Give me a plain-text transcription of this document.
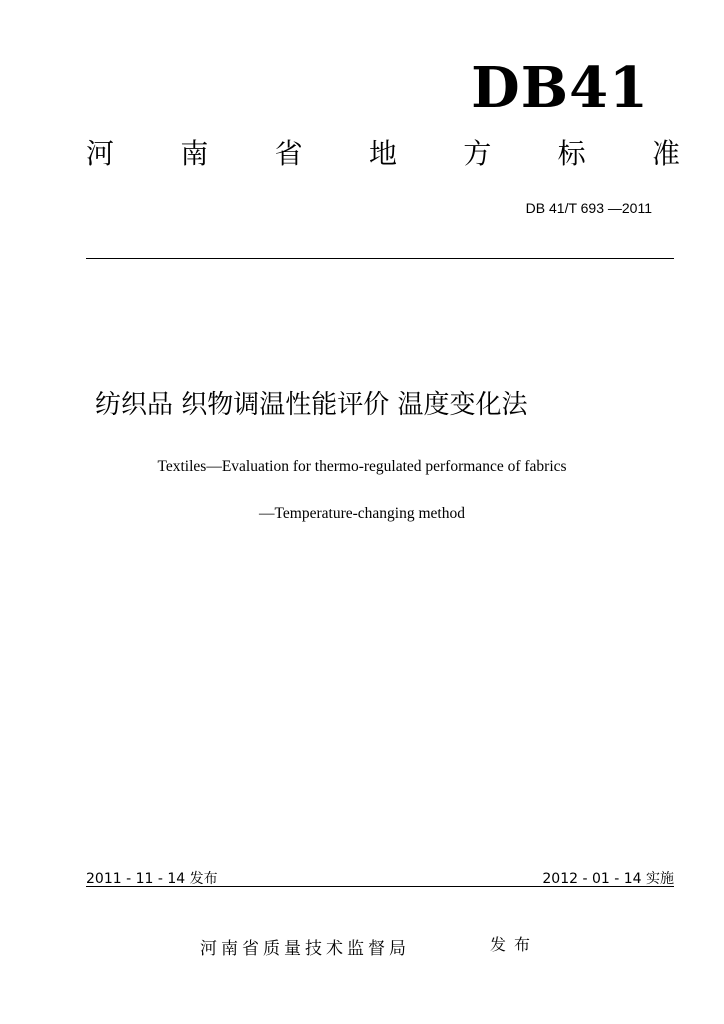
DB41
河 南 省 地 方 标 准
DB 41/T 693 —2011
纺织品 织物调温性能评价 温度变化法
Textiles—Evaluation for thermo-regulated performance of fabrics
—Temperature-changing method
2011 - 11 - 14 发布	2012 - 01 - 14 实施
河南省质量技术监督局	发布
